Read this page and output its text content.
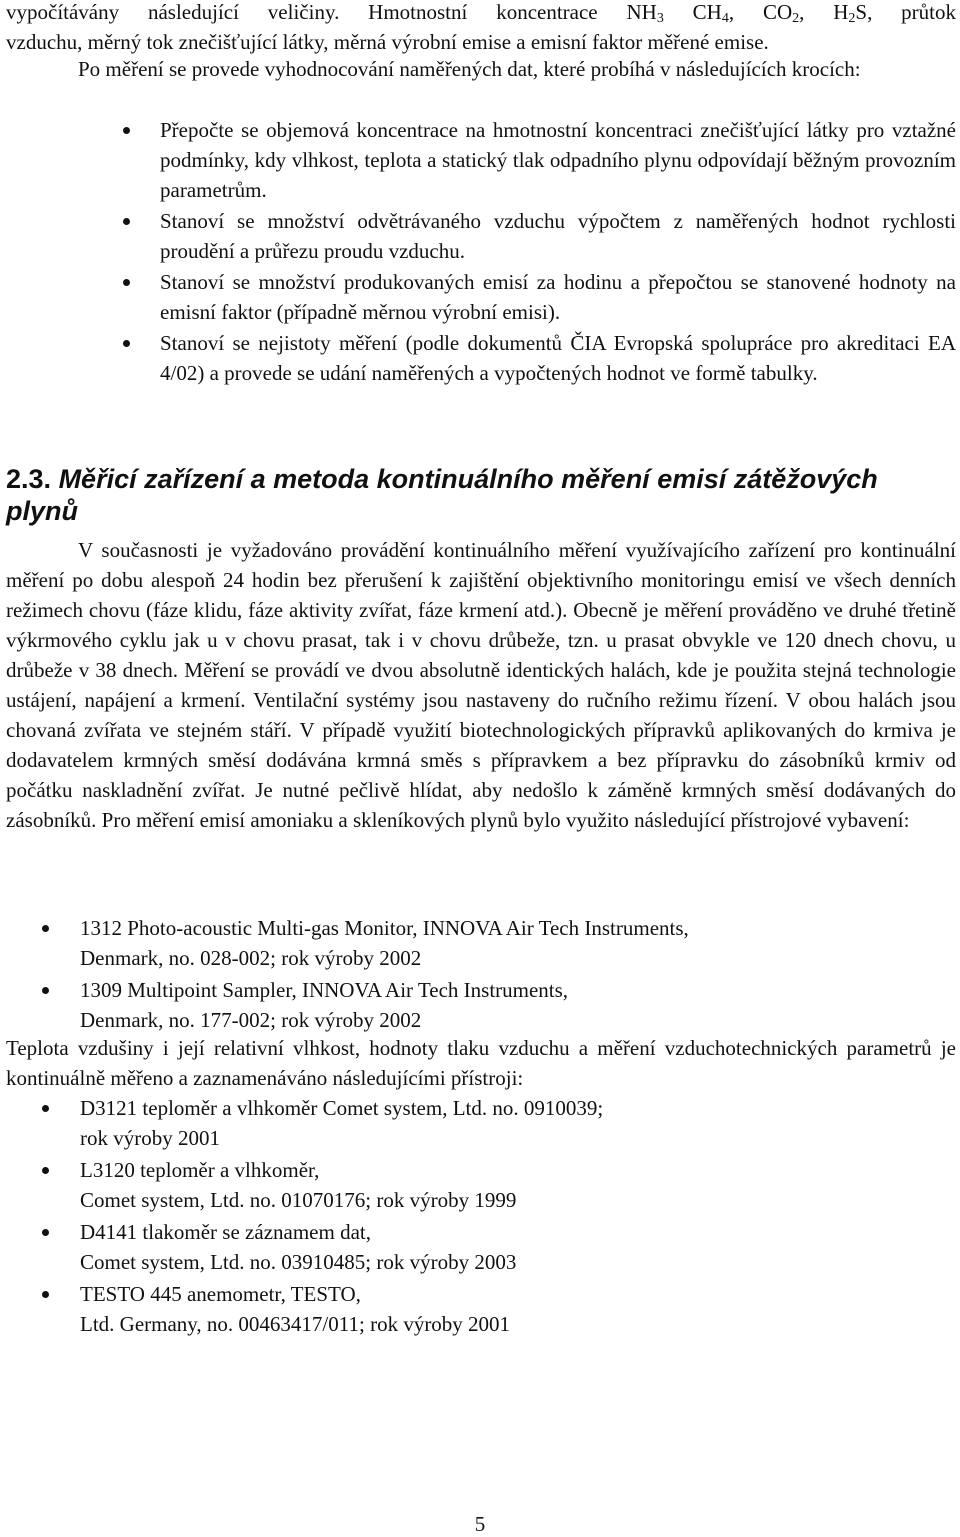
vypočítávány následující veličiny. Hmotnostní koncentrace $NH_3$ $CH_4$, $CO_2$, $H_2S$, průtok
vzduchu, měrný tok znečišťující látky, měrná výrobní emise a emisní faktor měřené emise.

Po měření se provede vyhodnocování naměřených dat, které probíhá v následujících krocích:

Přepočte se objemová koncentrace na hmotnostní koncentraci znečišťující látky pro vztažné podmínky, kdy vlhkost, teplota a statický tlak odpadního plynu odpovídají běžným provozním parametrům.
Stanoví se množství odvětrávaného vzduchu výpočtem z naměřených hodnot rychlosti proudění a průřezu proudu vzduchu.
Stanoví se množství produkovaných emisí za hodinu a přepočtou se stanovené hodnoty na emisní faktor (případně měrnou výrobní emisi).
Stanoví se nejistoty měření (podle dokumentů ČIA Evropská spolupráce pro akreditaci EA 4/02) a provede se udání naměřených a vypočtených hodnot ve formě tabulky.
2.3. Měřicí zařízení a metoda kontinuálního měření emisí zátěžových plynů

V současnosti je vyžadováno provádění kontinuálního měření využívajícího zařízení pro kontinuální měření po dobu alespoň 24 hodin bez přerušení k zajištění objektivního monitoringu emisí ve všech denních režimech chovu (fáze klidu, fáze aktivity zvířat, fáze krmení atd.). Obecně je měření prováděno ve druhé třetině výkrmového cyklu jak u v chovu prasat, tak i v chovu drůbeže, tzn. u prasat obvykle ve 120 dnech chovu, u drůbeže v 38 dnech. Měření se provádí ve dvou absolutně identických halách, kde je použita stejná technologie ustájení, napájení a krmení. Ventilační systémy jsou nastaveny do ručního režimu řízení. V obou halách jsou chovaná zvířata ve stejném stáří. V případě využití biotechnologických přípravků aplikovaných do krmiva je dodavatelem krmných směsí dodávána krmná směs s přípravkem a bez přípravku do zásobníků krmiv od počátku naskladnění zvířat. Je nutné pečlivě hlídat, aby nedošlo k záměně krmných směsí dodávaných do zásobníků. Pro měření emisí amoniaku a skleníkových plynů bylo využito následující přístrojové vybavení:

1312 Photo-acoustic Multi-gas Monitor, INNOVA Air Tech Instruments,
Denmark, no. 028-002; rok výroby 2002
1309 Multipoint Sampler, INNOVA Air Tech Instruments,
Denmark, no. 177-002; rok výroby 2002

Teplota vzdušiny i její relativní vlhkost, hodnoty tlaku vzduchu a měření vzduchotechnických parametrů je kontinuálně měřeno a zaznamenáváno následujícími přístroji:

D3121 teploměr a vlhkoměr Comet system, Ltd. no. 0910039;
rok výroby 2001
L3120 teploměr a vlhkoměr,
Comet system, Ltd. no. 01070176; rok výroby 1999
D4141 tlakoměr se záznamem dat,
Comet system, Ltd. no. 03910485; rok výroby 2003
TESTO 445 anemometr, TESTO,
Ltd. Germany, no. 00463417/011; rok výroby 2001
5
